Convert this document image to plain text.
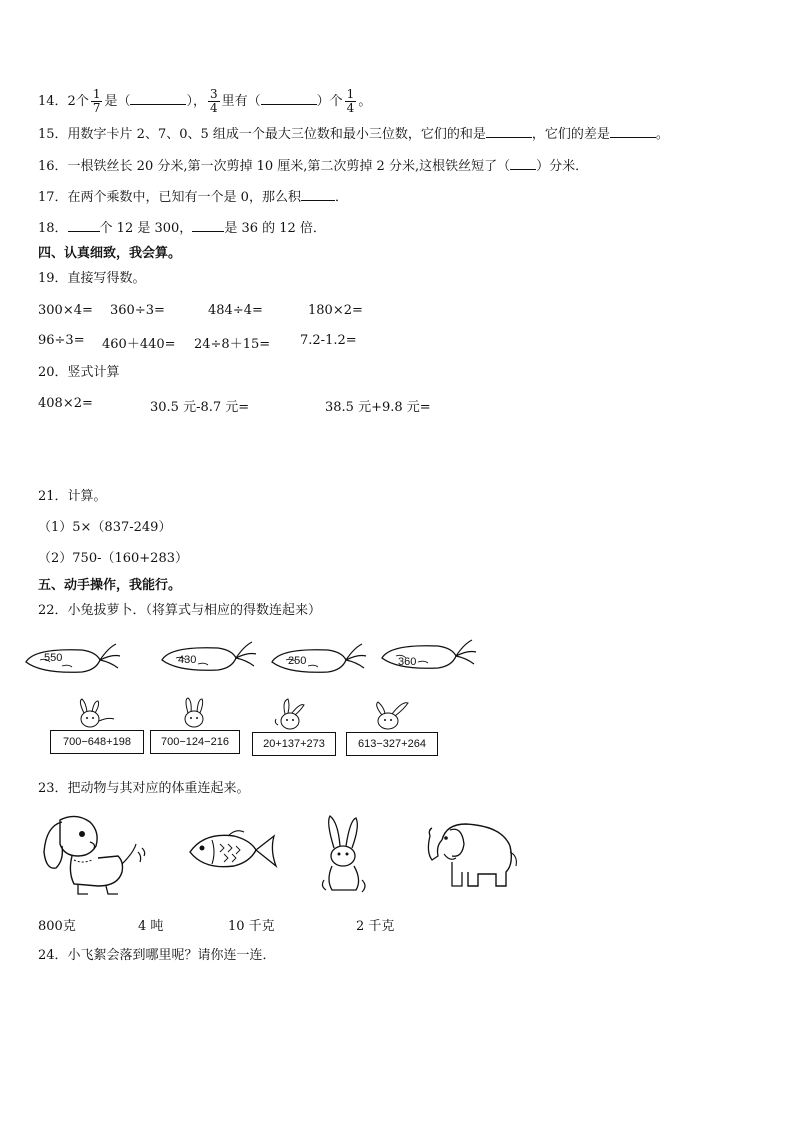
14．2个 $\frac{1}{7}$ 是（	）， $\frac{3}{4}$ 里有（	）个 $\frac{1}{4}$ 。
15．用数字卡片 2、7、0、5 组成一个最大三位数和最小三位数，它们的和是	，它们的差是	。
16．一根铁丝长 20 分米,第一次剪掉 10 厘米,第二次剪掉 2 分米,这根铁丝短了（ ）分米．
17．在两个乘数中，已知有一个是 0，那么积	．
18． 个 12 是 300， 是 36 的 12 倍．
四、认真细致，我会算。
19．直接写得数。
300×4= 360÷3=	484÷4=	180×2=
96÷3= 460＋440= 24÷8＋15= 7.2-1.2=
20．竖式计算
408×2=	30.5 元-8.7 元=	38.5 元+9.8 元=
21．计算。
（1）5×（837-249）
（2）750-（160+283）
五、动手操作，我能行。
22．小兔拔萝卜．（将算式与相应的得数连起来）
550	430	250	360
700−648+198	700−124−216	20+137+273	613−327+264
23．把动物与其对应的体重连起来。
800克	4 吨	10 千克	2 千克
24．小飞絮会落到哪里呢？请你连一连．
